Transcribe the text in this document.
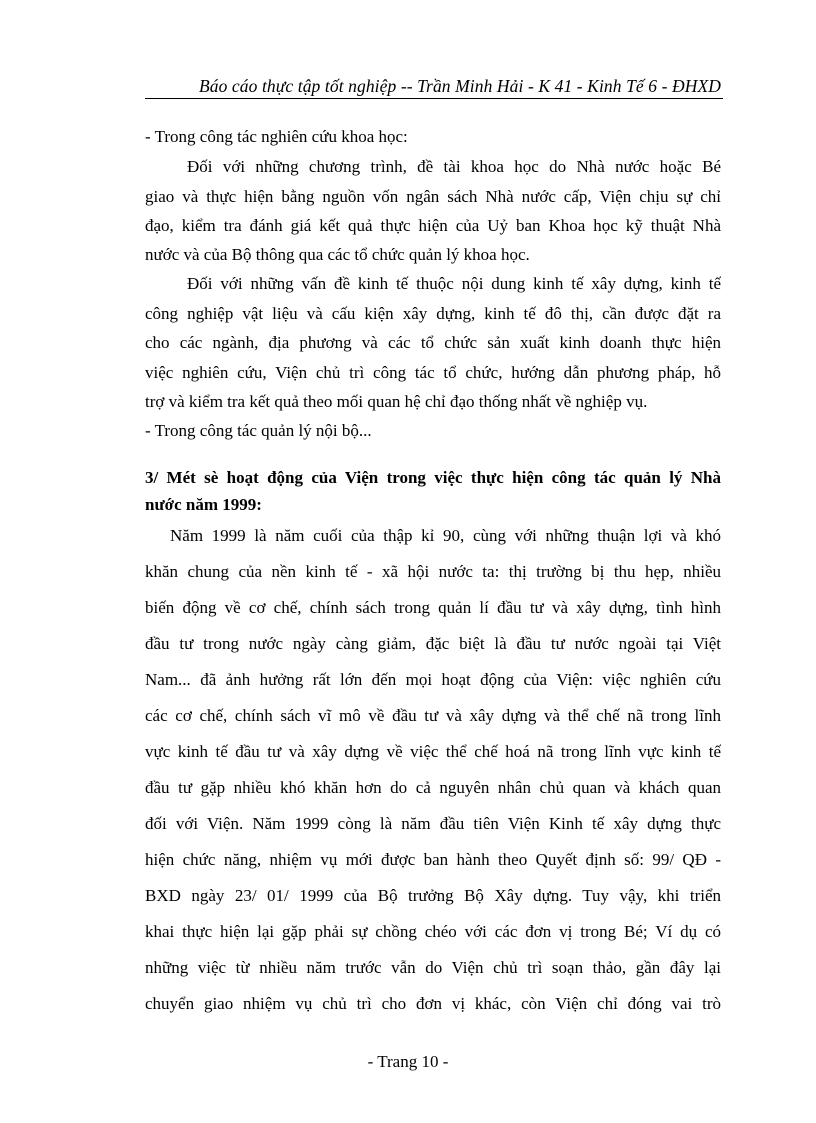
Báo cáo thực tập tốt nghiệp -- Trần Minh Hải - K 41 - Kinh Tế 6 - ĐHXD
- Trong công tác nghiên cứu khoa học:
Đối với những chương trình, đề tài khoa học do Nhà nước hoặc Bé
giao và thực hiện bằng nguồn vốn ngân sách Nhà nước cấp, Viện chịu sự chỉ
đạo, kiểm tra đánh giá kết quả thực hiện của Uỷ ban Khoa học kỹ thuật Nhà
nước và của Bộ thông qua các tổ chức quản lý khoa học.
Đối với những vấn đề kinh tế thuộc nội dung kinh tế xây dựng, kinh tế
công nghiệp vật liệu và cấu kiện xây dựng, kinh tế đô thị, cần được đặt ra
cho các ngành, địa phương và các tổ chức sản xuất kinh doanh thực hiện
việc nghiên cứu, Viện chủ trì công tác tổ chức, hướng dẫn phương pháp, hỗ
trợ và kiểm tra kết quả theo mối quan hệ chỉ đạo thống nhất về nghiệp vụ.
- Trong công tác quản lý nội bộ...
3/ Mét sè hoạt động của Viện trong việc thực hiện công tác quản lý Nhà
nước năm 1999:
Năm 1999 là năm cuối của thập kỉ 90, cùng với những thuận lợi và khó
khăn chung của nền kinh tế - xã hội nước ta: thị trường bị thu hẹp, nhiều
biến động về cơ chế, chính sách trong quản lí đầu tư và xây dựng, tình hình
đầu tư trong nước ngày càng giảm, đặc biệt là đầu tư nước ngoài tại Việt
Nam... đã ảnh hưởng rất lớn đến mọi hoạt động của Viện: việc nghiên cứu
các cơ chế, chính sách vĩ mô về đầu tư và xây dựng và thể chế nã trong lĩnh
vực kinh tế đầu tư và xây dựng về việc thể chế hoá nã trong lĩnh vực kinh tế
đầu tư gặp nhiều khó khăn hơn do cả nguyên nhân chủ quan và khách quan
đối với Viện. Năm 1999 còng là năm đầu tiên Viện Kinh tế xây dựng thực
hiện chức năng, nhiệm vụ mới được ban hành theo Quyết định số: 99/ QĐ -
BXD ngày 23/ 01/ 1999 của Bộ trưởng Bộ Xây dựng. Tuy vậy, khi triển
khai thực hiện lại gặp phải sự chồng chéo với các đơn vị trong Bé; Ví dụ có
những việc từ nhiều năm trước vẫn do Viện chủ trì soạn thảo, gần đây lại
chuyển giao nhiệm vụ chủ trì cho đơn vị khác, còn Viện chỉ đóng vai trò
- Trang 10 -
